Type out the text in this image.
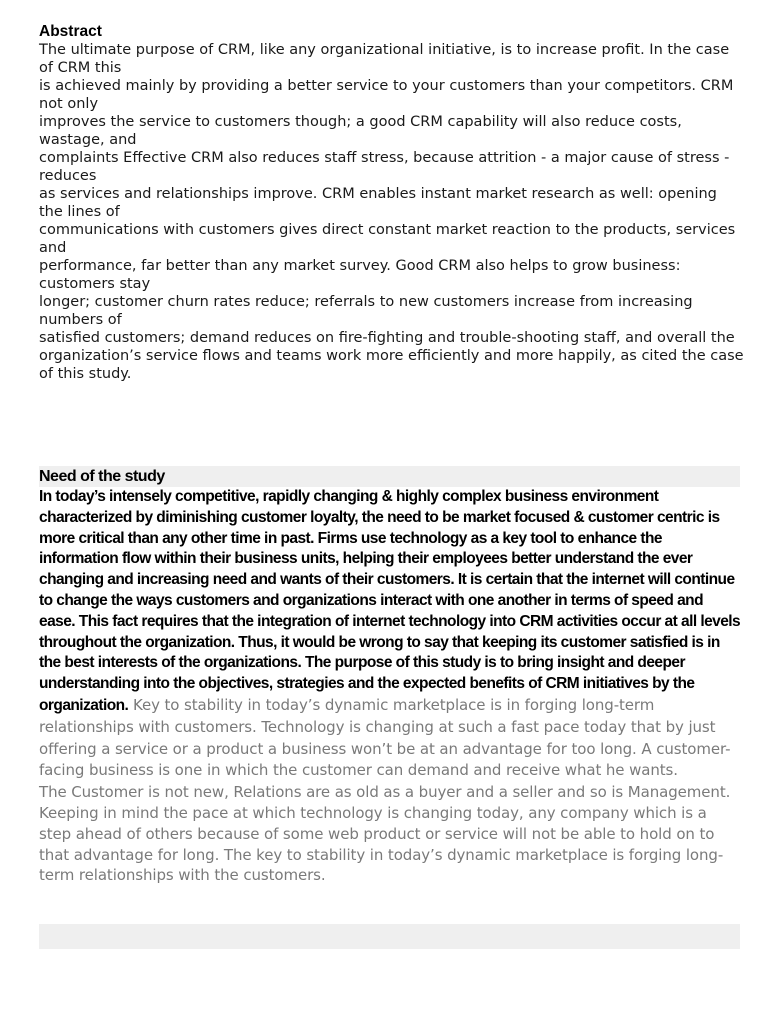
Abstract

The ultimate purpose of CRM, like any organizational initiative, is to increase profit. In the case of CRM this
is achieved mainly by providing a better service to your customers than your competitors. CRM not only
improves the service to customers though; a good CRM capability will also reduce costs, wastage, and
complaints Effective CRM also reduces staff stress, because attrition - a major cause of stress - reduces
as services and relationships improve. CRM enables instant market research as well: opening the lines of
communications with customers gives direct constant market reaction to the products, services and
performance, far better than any market survey. Good CRM also helps to grow business: customers stay
longer; customer churn rates reduce; referrals to new customers increase from increasing numbers of
satisfied customers; demand reduces on fire-fighting and trouble-shooting staff, and overall the
organization’s service flows and teams work more efficiently and more happily, as cited the case of this study.

Need of the study

In today’s intensely competitive, rapidly changing & highly complex business environment characterized by diminishing customer loyalty, the need to be market focused & customer centric is more critical than any other time in past. Firms use technology as a key tool to enhance the information flow within their business units, helping their employees better understand the ever changing and increasing need and wants of their customers. It is certain that the internet will continue to change the ways customers and organizations interact with one another in terms of speed and ease. This fact requires that the integration of internet technology into CRM activities occur at all levels throughout the organization. Thus, it would be wrong to say that keeping its customer satisfied is in the best interests of the organizations. The purpose of this study is to bring insight and deeper understanding into the objectives, strategies and the expected benefits of CRM initiatives by the organization. Key to stability in today’s dynamic marketplace is in forging long-term relationships with customers. Technology is changing at such a fast pace today that by just offering a service or a product a business won’t be at an advantage for too long. A customer-facing business is one in which the customer can demand and receive what he wants.

The Customer is not new, Relations are as old as a buyer and a seller and so is Management. Keeping in mind the pace at which technology is changing today, any company which is a step ahead of others because of some web product or service will not be able to hold on to that advantage for long. The key to stability in today’s dynamic marketplace is forging long-term relationships with the customers.
